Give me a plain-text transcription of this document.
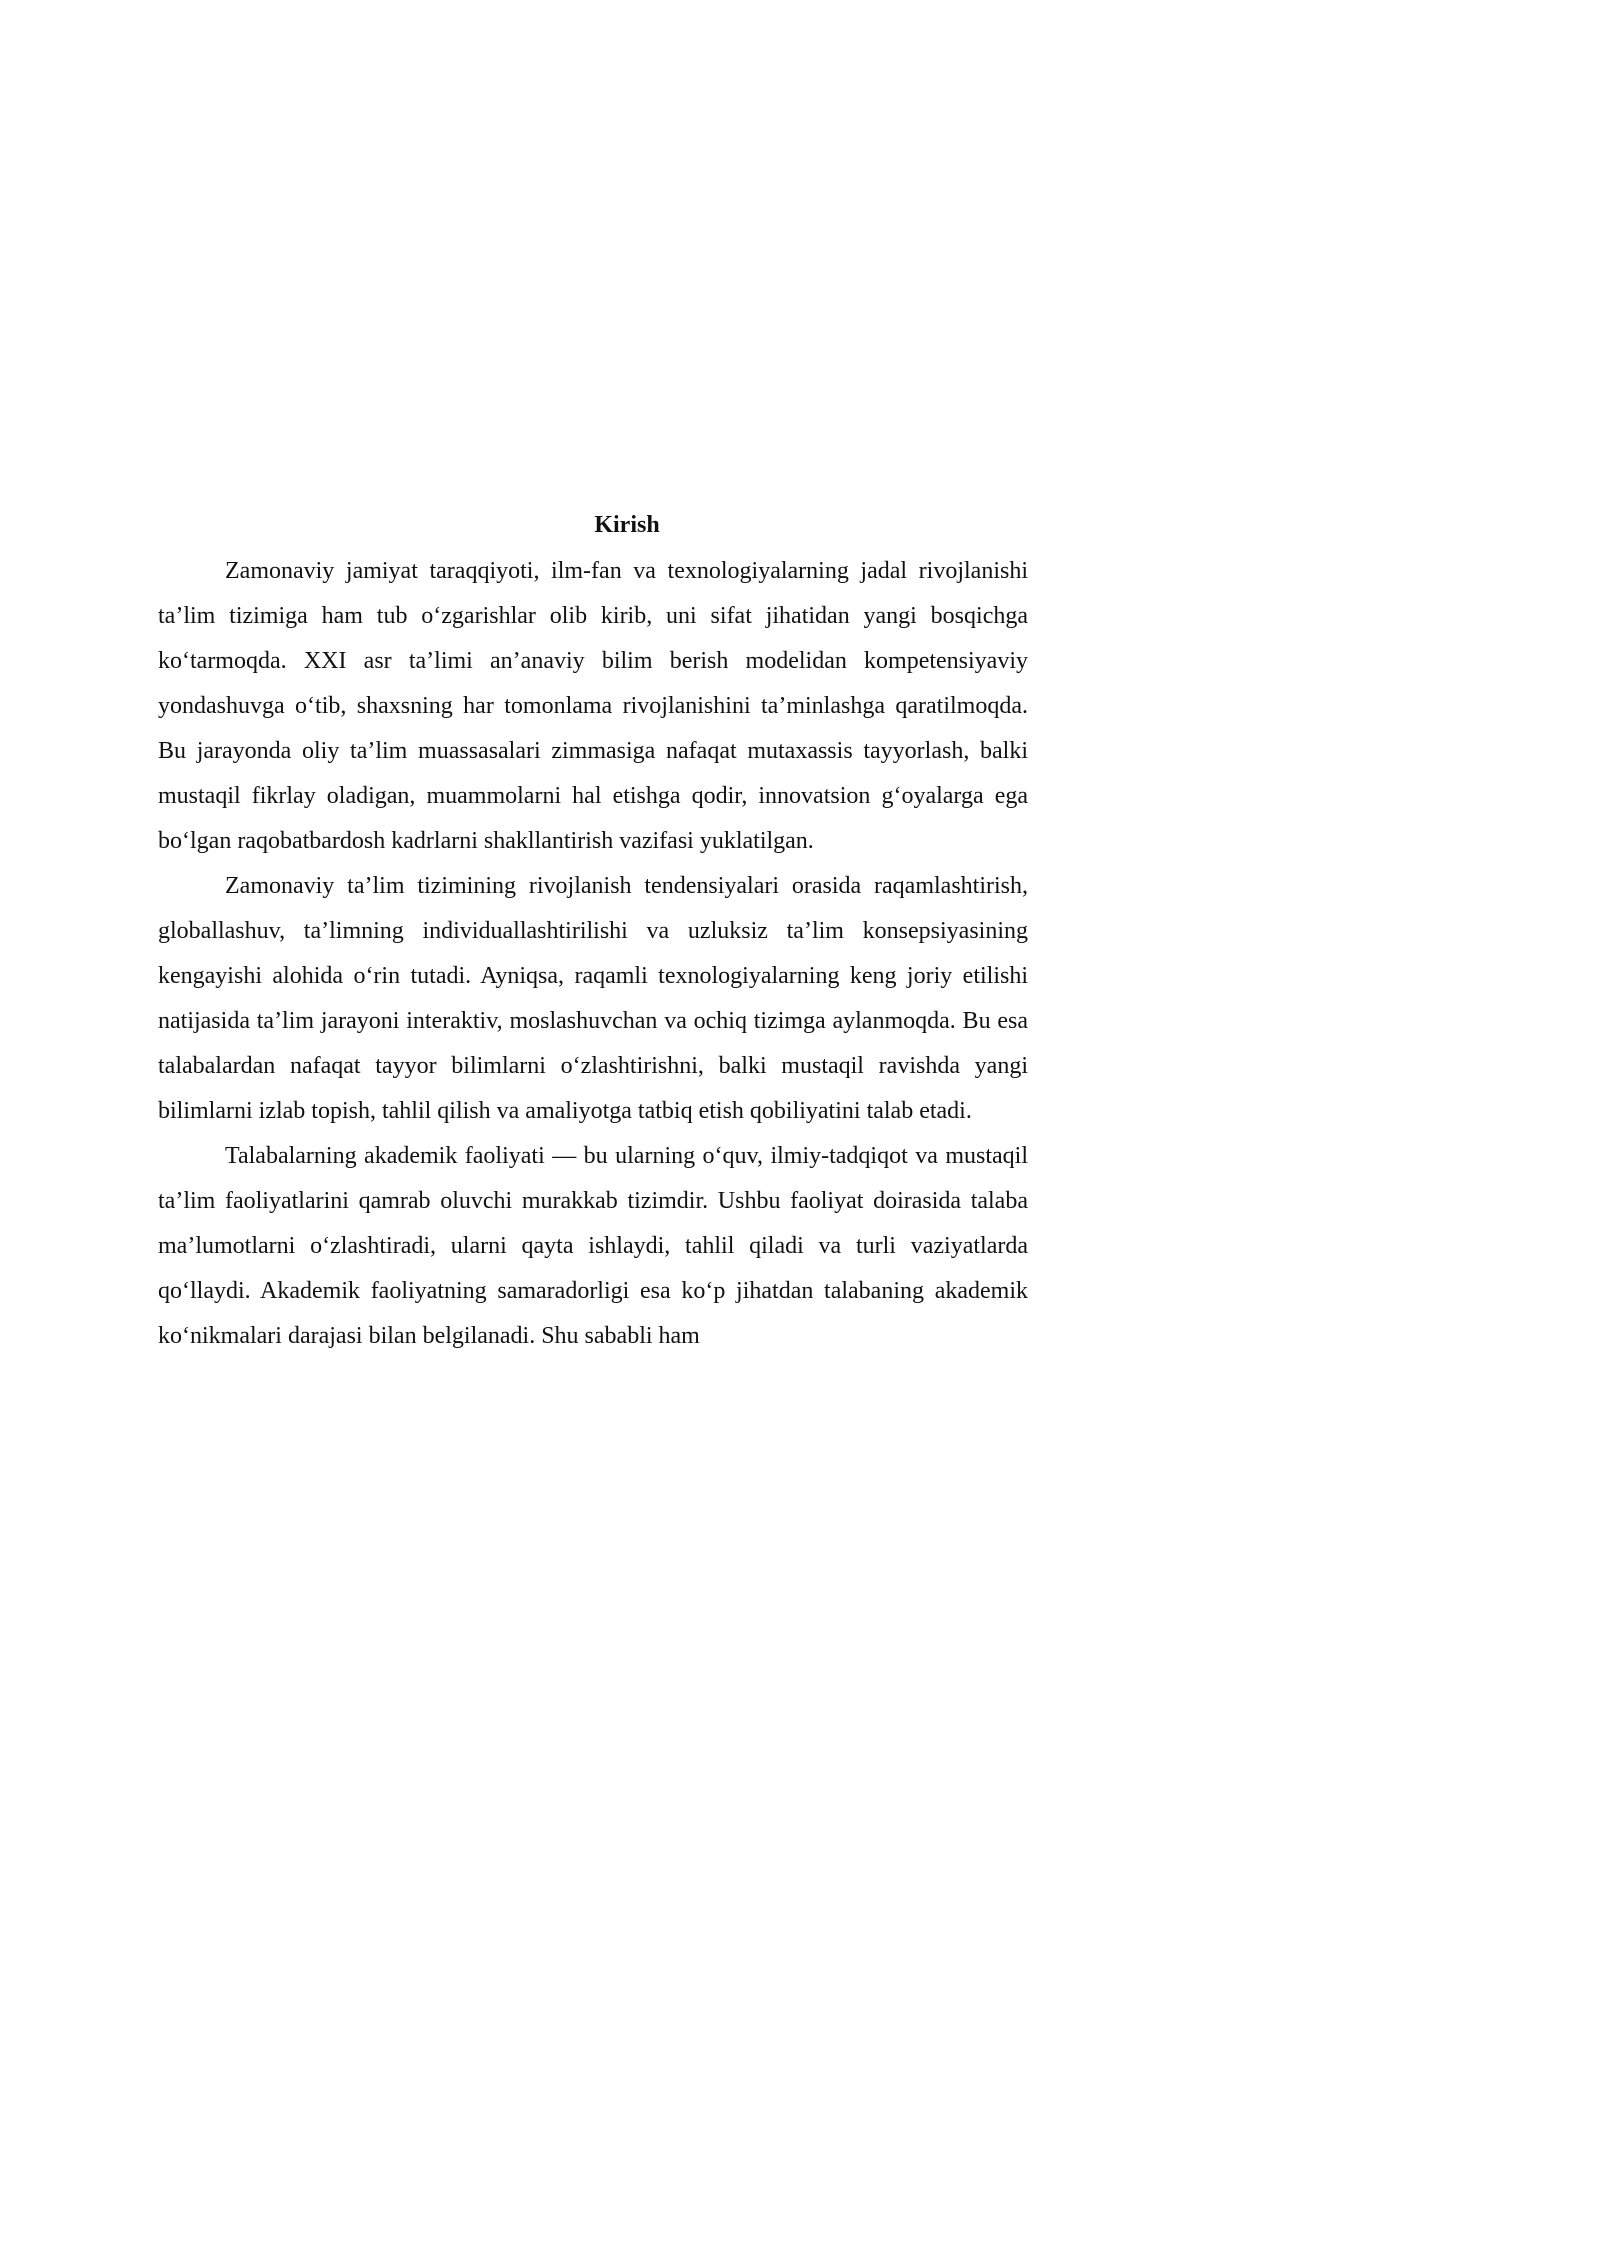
Kirish

Zamonaviy jamiyat taraqqiyoti, ilm-fan va texnologiyalarning jadal rivojlanishi ta’lim tizimiga ham tub o‘zgarishlar olib kirib, uni sifat jihatidan yangi bosqichga ko‘tarmoqda. XXI asr ta’limi an’anaviy bilim berish modelidan kompetensiyaviy yondashuvga o‘tib, shaxsning har tomonlama rivojlanishini ta’minlashga qaratilmoqda. Bu jarayonda oliy ta’lim muassasalari zimmasiga nafaqat mutaxassis tayyorlash, balki mustaqil fikrlay oladigan, muammolarni hal etishga qodir, innovatsion g‘oyalarga ega bo‘lgan raqobatbardosh kadrlarni shakllantirish vazifasi yuklatilgan.

Zamonaviy ta’lim tizimining rivojlanish tendensiyalari orasida raqamlashtirish, globallashuv, ta’limning individuallashtirilishi va uzluksiz ta’lim konsepsiyasining kengayishi alohida o‘rin tutadi. Ayniqsa, raqamli texnologiyalarning keng joriy etilishi natijasida ta’lim jarayoni interaktiv, moslashuvchan va ochiq tizimga aylanmoqda. Bu esa talabalardan nafaqat tayyor bilimlarni o‘zlashtirishni, balki mustaqil ravishda yangi bilimlarni izlab topish, tahlil qilish va amaliyotga tatbiq etish qobiliyatini talab etadi.

Talabalarning akademik faoliyati — bu ularning o‘quv, ilmiy-tadqiqot va mustaqil ta’lim faoliyatlarini qamrab oluvchi murakkab tizimdir. Ushbu faoliyat doirasida talaba ma’lumotlarni o‘zlashtiradi, ularni qayta ishlaydi, tahlil qiladi va turli vaziyatlarda qo‘llaydi. Akademik faoliyatning samaradorligi esa ko‘p jihatdan talabaning akademik ko‘nikmalari darajasi bilan belgilanadi. Shu sababli ham
